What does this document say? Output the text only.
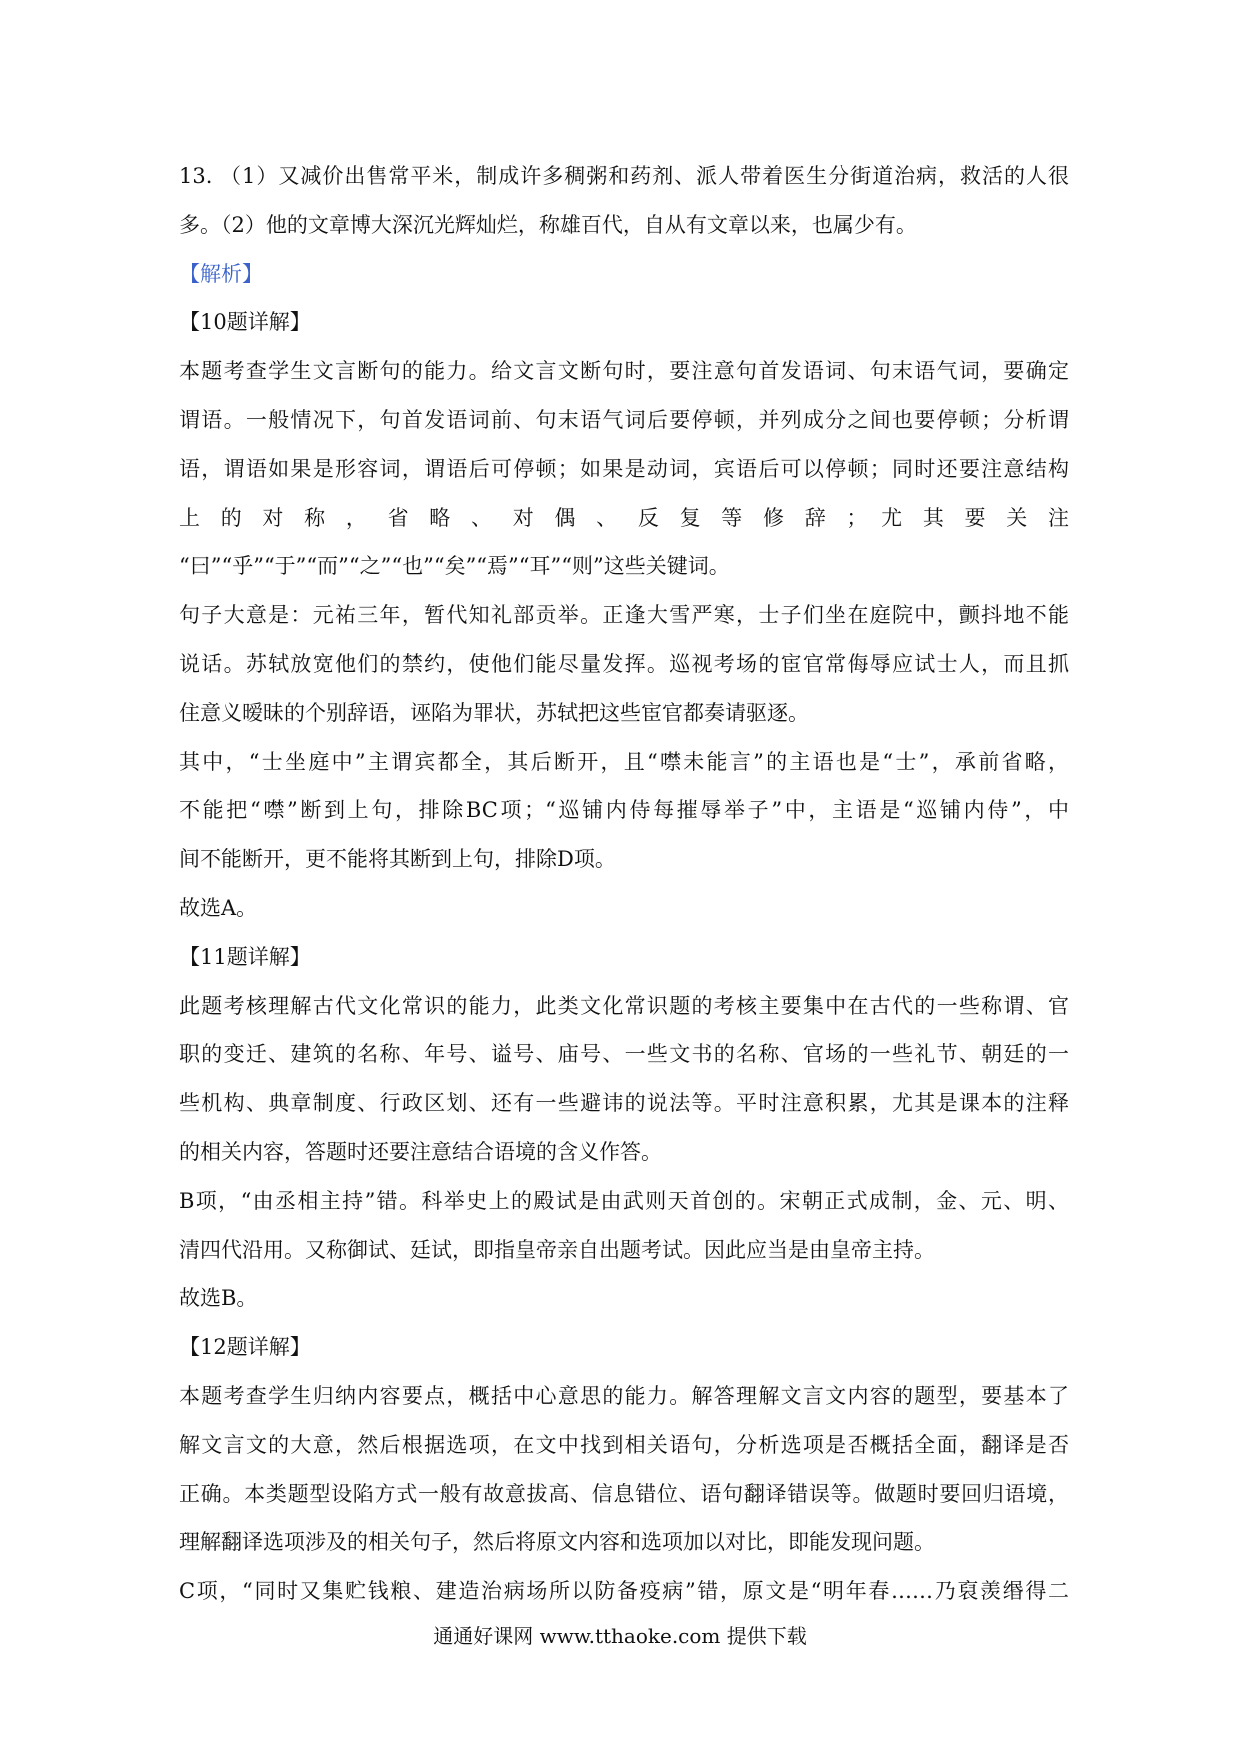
13. （1）又减价出售常平米，制成许多稠粥和药剂、派人带着医生分街道治病，救活的人很
多。（2）他的文章博大深沉光辉灿烂，称雄百代，自从有文章以来，也属少有。
【解析】
【10题详解】
本题考查学生文言断句的能力。给文言文断句时，要注意句首发语词、句末语气词，要确定
谓语。一般情况下，句首发语词前、句末语气词后要停顿，并列成分之间也要停顿；分析谓
语，谓语如果是形容词，谓语后可停顿；如果是动词，宾语后可以停顿；同时还要注意结构
上 的 对 称 ， 省 略 、 对 偶 、 反 复 等 修 辞 ； 尤 其 要 关 注
“曰”“乎”“于”“而”“之”“也”“矣”“焉”“耳”“则”这些关键词。
句子大意是：元祐三年，暂代知礼部贡举。正逢大雪严寒，士子们坐在庭院中，颤抖地不能
说话。苏轼放宽他们的禁约，使他们能尽量发挥。巡视考场的宦官常侮辱应试士人，而且抓
住意义暧昧的个别辞语，诬陷为罪状，苏轼把这些宦官都奏请驱逐。
其中，“士坐庭中”主谓宾都全，其后断开，且“噤未能言”的主语也是“士”，承前省略，
不能把“噤”断到上句，排除BC项；“巡铺内侍每摧辱举子”中，主语是“巡铺内侍”，中
间不能断开，更不能将其断到上句，排除D项。
故选A。
【11题详解】
此题考核理解古代文化常识的能力，此类文化常识题的考核主要集中在古代的一些称谓、官
职的变迁、建筑的名称、年号、谥号、庙号、一些文书的名称、官场的一些礼节、朝廷的一
些机构、典章制度、行政区划、还有一些避讳的说法等。平时注意积累，尤其是课本的注释
的相关内容，答题时还要注意结合语境的含义作答。
B项，“由丞相主持”错。科举史上的殿试是由武则天首创的。宋朝正式成制，金、元、明、
清四代沿用。又称御试、廷试，即指皇帝亲自出题考试。因此应当是由皇帝主持。
故选B。
【12题详解】
本题考查学生归纳内容要点，概括中心意思的能力。解答理解文言文内容的题型，要基本了
解文言文的大意，然后根据选项，在文中找到相关语句，分析选项是否概括全面，翻译是否
正确。本类题型设陷方式一般有故意拔高、信息错位、语句翻译错误等。做题时要回归语境，
理解翻译选项涉及的相关句子，然后将原文内容和选项加以对比，即能发现问题。
C项，“同时又集贮钱粮、建造治病场所以防备疫病”错，原文是“明年春……乃裒羡缗得二
通通好课网 www.tthaoke.com 提供下载
